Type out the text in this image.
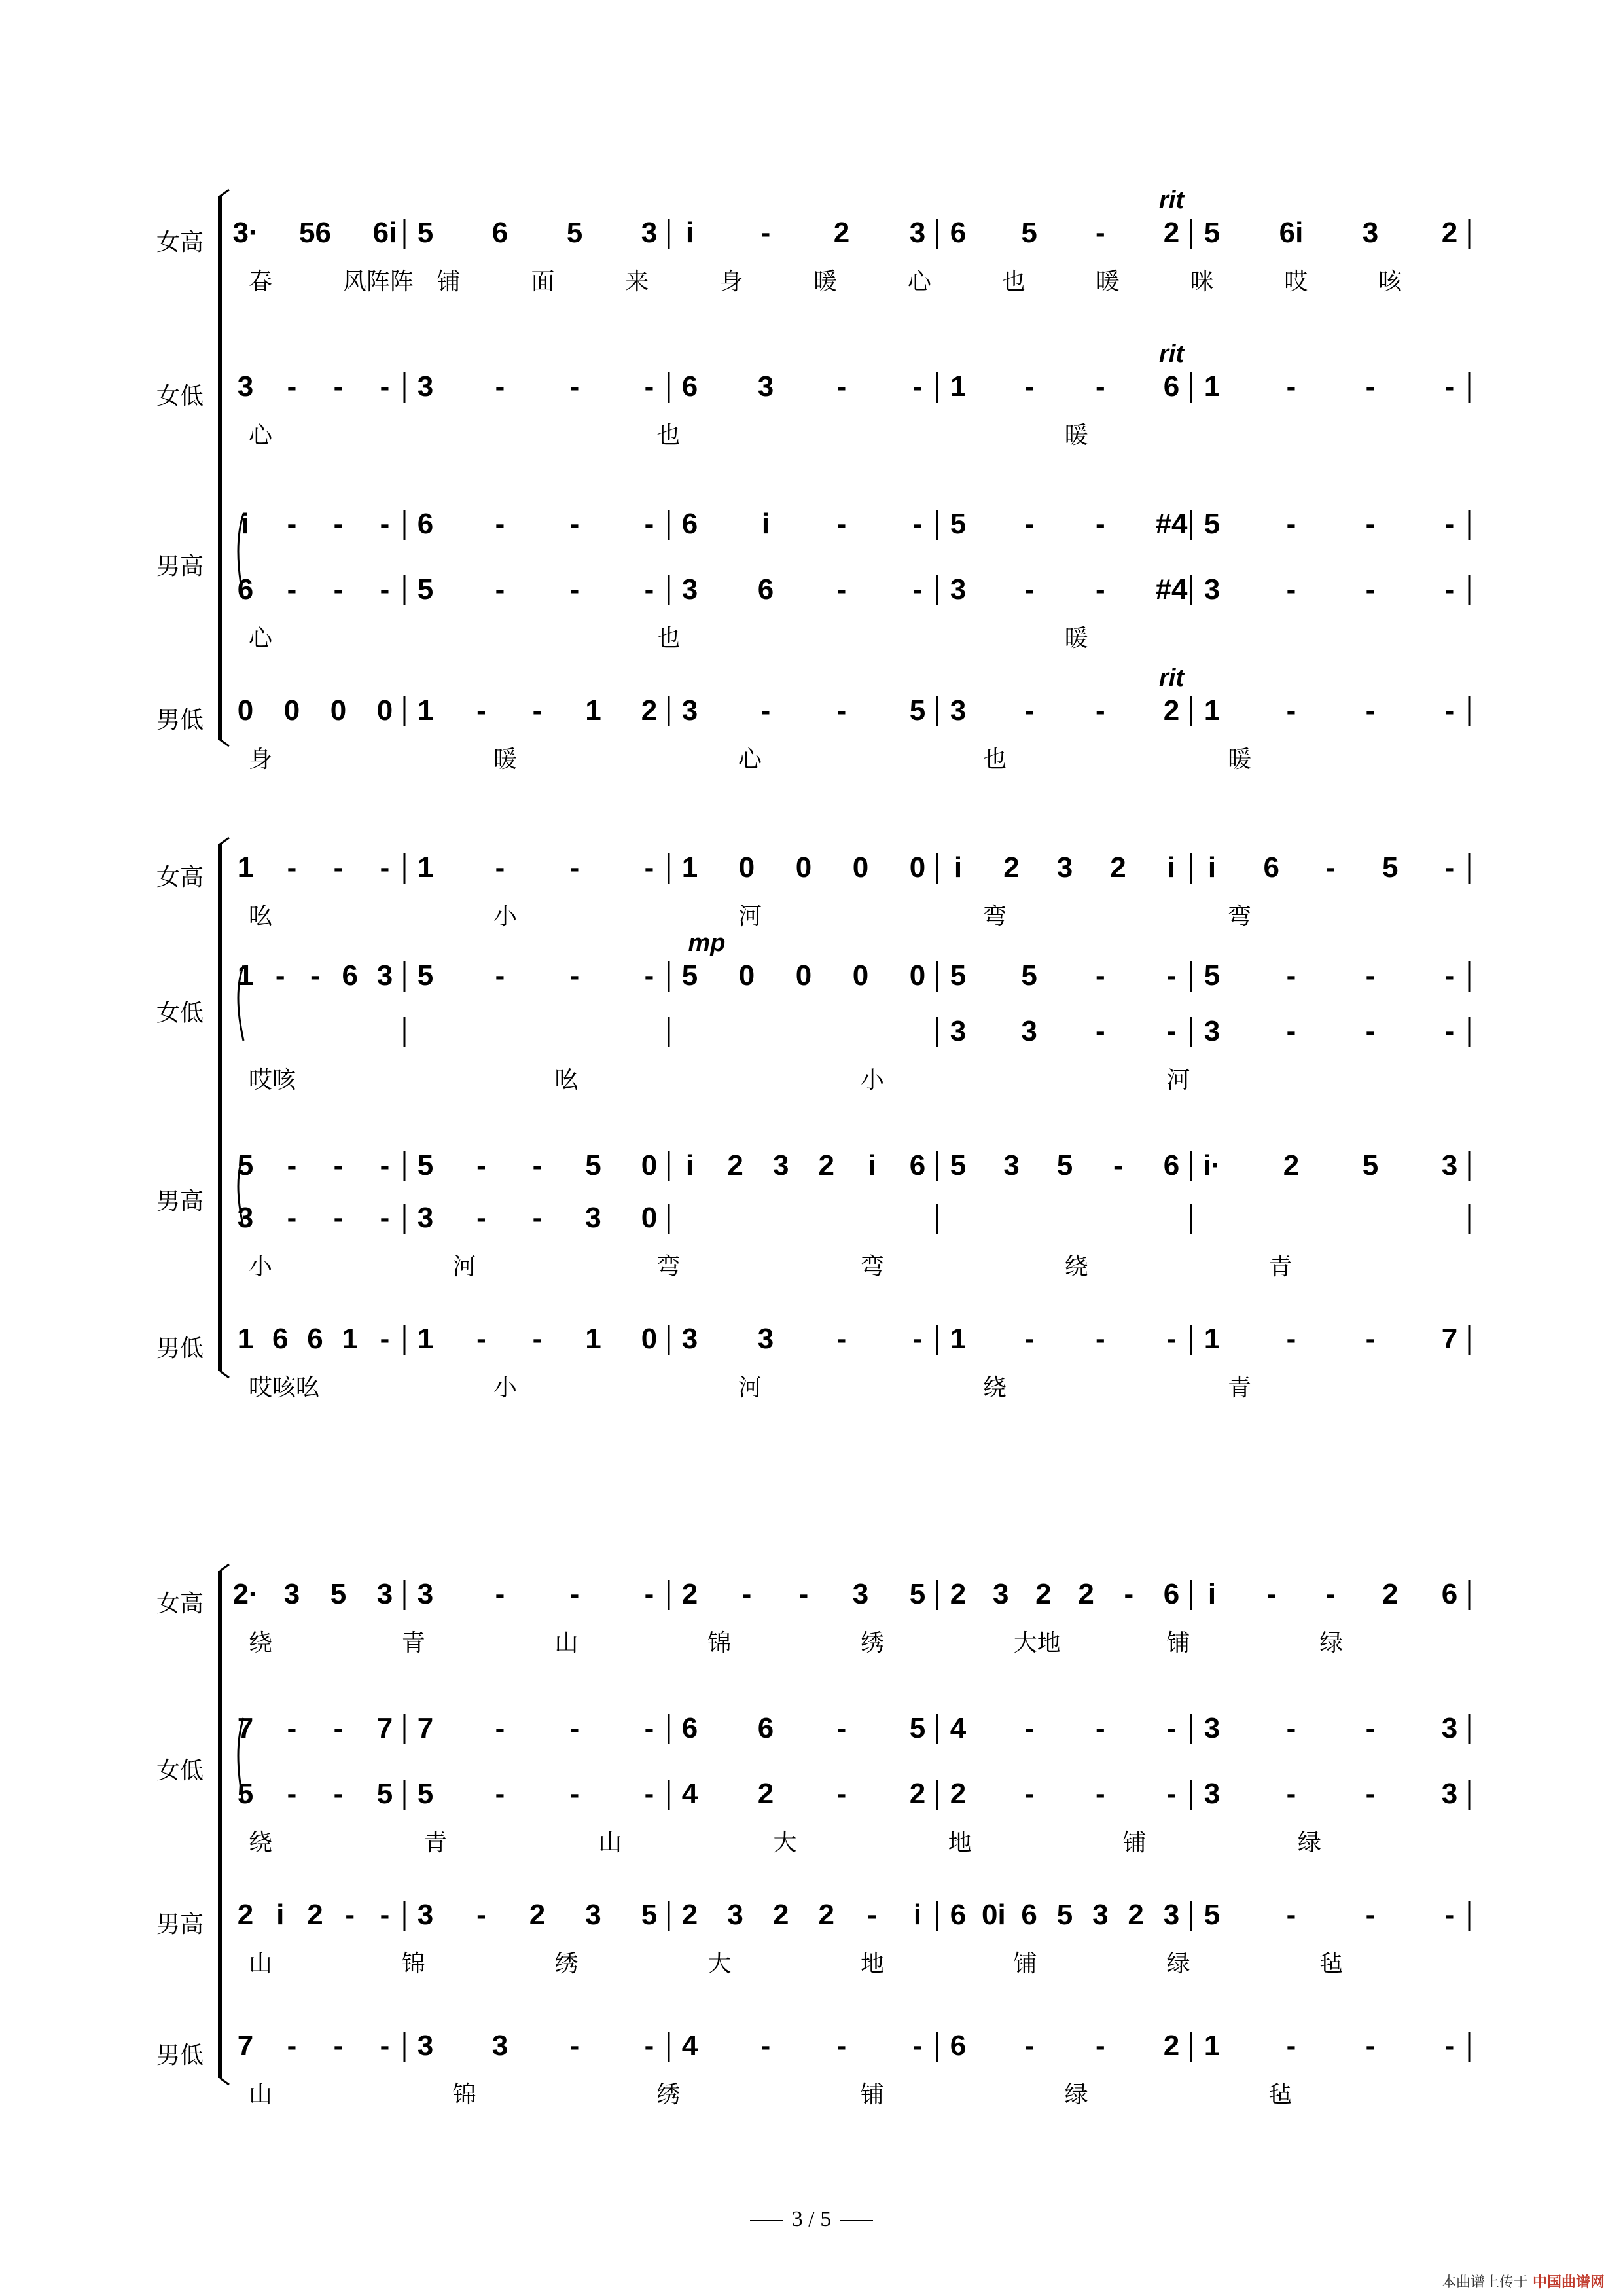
女高 3· 56 6i 5 6 5 3 i - 2 3 6 5 - 2 5 6i 3 2
春	风阵阵 铺	面	来	身	暖	心	也	暖	咪	哎	咳
rit
女低 3 - - - 3 - - - 6 3 - - 1 - - 6 1 - - -
心	也	暖
rit
男高
i - - - 6 - - - 6 i - - 5 - - #4 5 - - -
6 - - - 5 - - - 3 6 - - 3 - - #4 3 - - -
心	也	暖
男低 0 0 0 0 1 - - 1 2 3 - - 5 3 - - 2 1 - - -
身	暖	心	也	暖
rit
女高 1 - - - 1 - - - 1 0 0 0 0 i 2 3 2 i i 6 - 5 -
吆	小	河	弯	弯
女低
1 - - 6 3 5 - - - 5 0 0 0 0 5 5 - - 5 - - -
mp
3 3 - - 3 - - -
哎咳	吆	小	河
男高
5 - - - 5 - - 5 0 i 2 3 2 i 6 5 3 5 - 6 i· 2 5 3
3 - - - 3 - - 3 0
小	河	弯	弯	绕	青
男低 1 6 6 1 - 1 - - 1 0 3 3 - - 1 - - - 1 - - 7
哎咳吆	小	河	绕	青
女高 2· 3 5 3 3 - - - 2 - - 3 5 2 3 2 2 - 6 i - - 2 6
绕	青	山	锦	绣	大地	铺	绿
女低
7 - - 7 7 - - - 6 6 - 5 4 - - - 3 - - 3
5 - - 5 5 - - - 4 2 - 2 2 - - - 3 - - 3
绕	青	山	大	地	铺	绿
男高 2 i 2 - - 3 - 2 3 5 2 3 2 2 - i 6 0i 6 5 3 2 3 5 - - -
山	锦	绣	大	地	铺	绿	毡
男低 7 - - - 3 3 - - 4 - - - 6 - - 2 1 - - -
山	锦	绣	铺	绿	毡
3 / 5
本曲谱上传于 中国曲谱网
